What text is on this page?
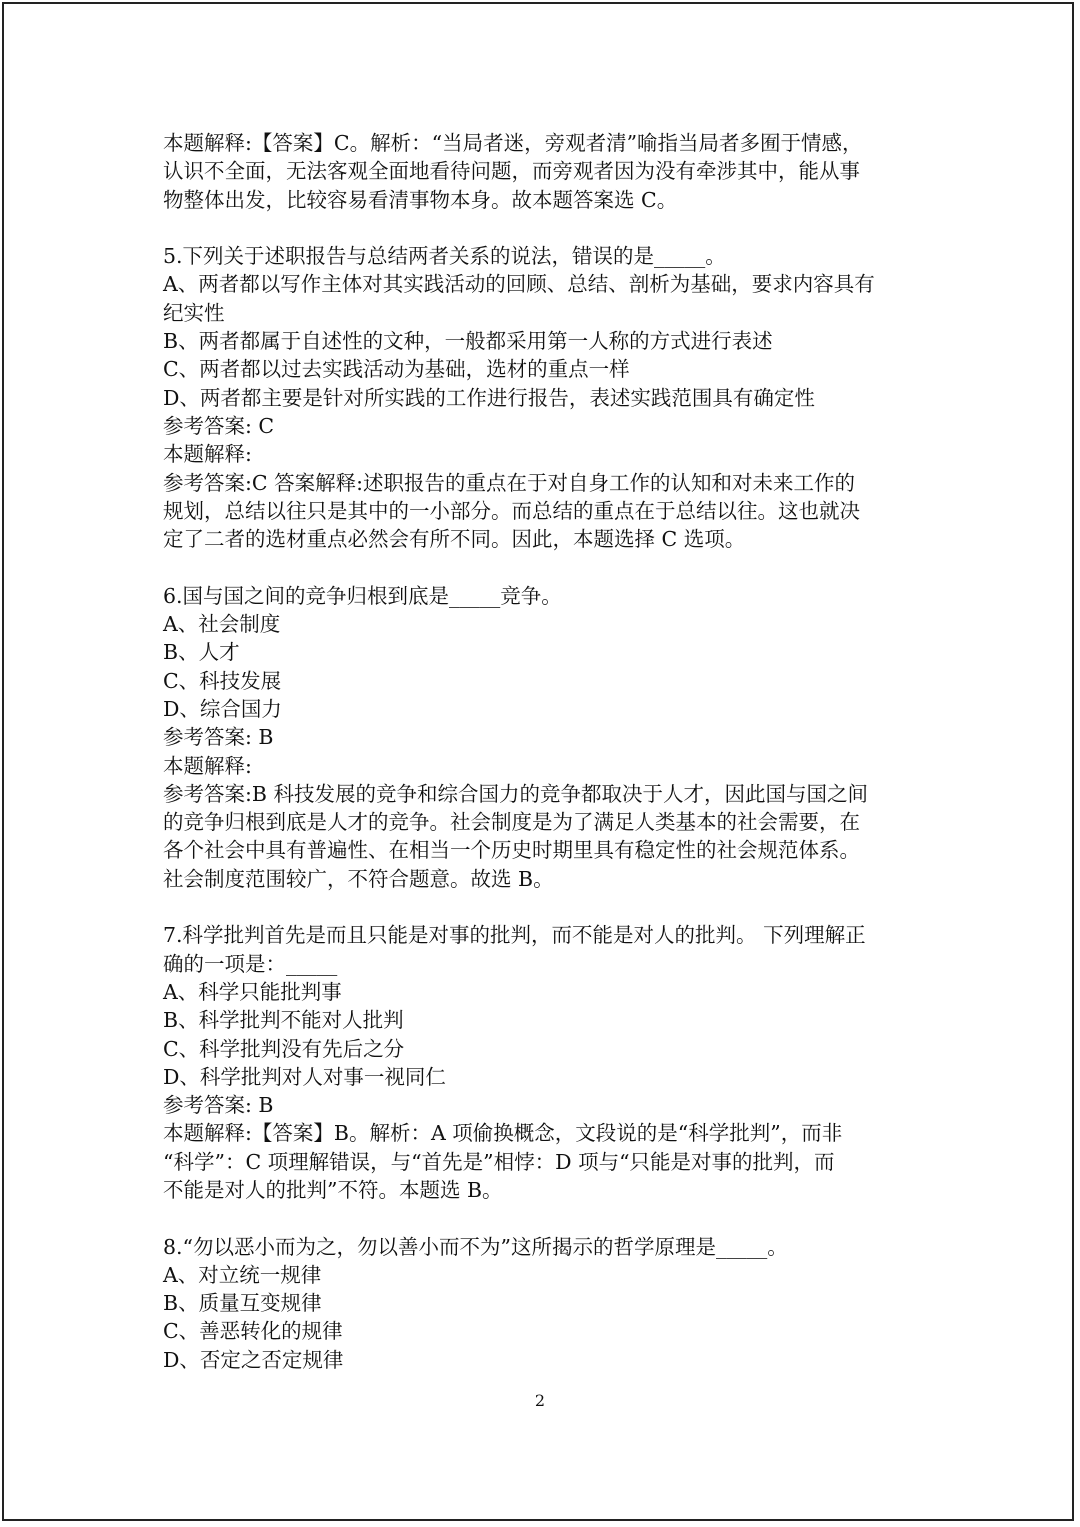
本题解释:【答案】C。解析：“当局者迷，旁观者清”喻指当局者多囿于情感，
认识不全面，无法客观全面地看待问题，而旁观者因为没有牵涉其中，能从事
物整体出发，比较容易看清事物本身。故本题答案选 C。
5.下列关于述职报告与总结两者关系的说法，错误的是_____。
A、两者都以写作主体对其实践活动的回顾、总结、剖析为基础，要求内容具有
纪实性
B、两者都属于自述性的文种，一般都采用第一人称的方式进行表述
C、两者都以过去实践活动为基础，选材的重点一样
D、两者都主要是针对所实践的工作进行报告，表述实践范围具有确定性
参考答案: C
本题解释:
参考答案:C 答案解释:述职报告的重点在于对自身工作的认知和对未来工作的
规划，总结以往只是其中的一小部分。而总结的重点在于总结以往。这也就决
定了二者的选材重点必然会有所不同。因此，本题选择 C 选项。
6.国与国之间的竞争归根到底是_____竞争。
A、社会制度
B、人才
C、科技发展
D、综合国力
参考答案: B
本题解释:
参考答案:B 科技发展的竞争和综合国力的竞争都取决于人才，因此国与国之间
的竞争归根到底是人才的竞争。社会制度是为了满足人类基本的社会需要，在
各个社会中具有普遍性、在相当一个历史时期里具有稳定性的社会规范体系。
社会制度范围较广，不符合题意。故选 B。
7.科学批判首先是而且只能是对事的批判，而不能是对人的批判。 下列理解正
确的一项是：_____
A、科学只能批判事
B、科学批判不能对人批判
C、科学批判没有先后之分
D、科学批判对人对事一视同仁
参考答案: B
本题解释:【答案】B。解析：A 项偷换概念，文段说的是“科学批判”，而非
“科学”：C 项理解错误，与“首先是”相悖：D 项与“只能是对事的批判，而
不能是对人的批判”不符。本题选 B。
8.“勿以恶小而为之，勿以善小而不为”这所揭示的哲学原理是_____。
A、对立统一规律
B、质量互变规律
C、善恶转化的规律
D、否定之否定规律
2
